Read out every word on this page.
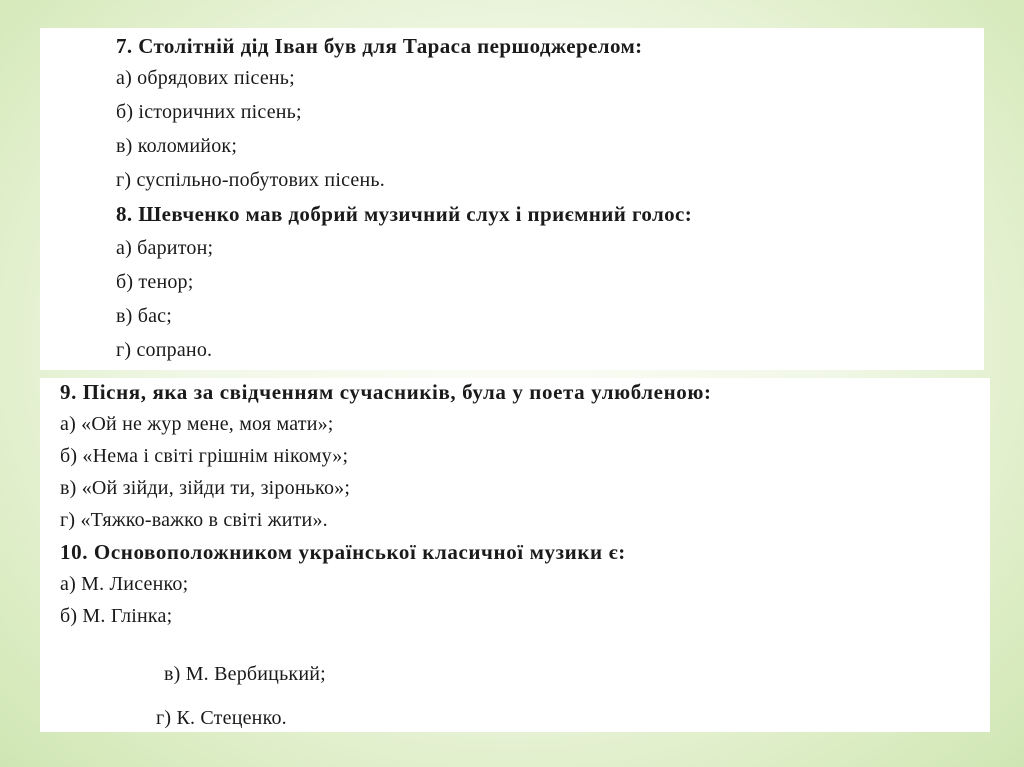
7. Столітній дід Іван був для Тараса першоджерелом:
а) обрядових пісень;
б) історичних пісень;
в) коломийок;
г) суспільно-побутових пісень.
8. Шевченко мав добрий музичний слух і приємний голос:
а) баритон;
б) тенор;
в) бас;
г) сопрано.
9. Пісня, яка за свідченням сучасників, була у поета улюбленою:
а) «Ой не жур мене, моя мати»;
б) «Нема і світі грішнім нікому»;
в) «Ой зійди, зійди ти, зіронько»;
г) «Тяжко-важко в світі жити».
10. Основоположником української класичної музики є:
а) М. Лисенко;
б) М. Глінка;
в) М. Вербицький;
г) К. Стеценко.
